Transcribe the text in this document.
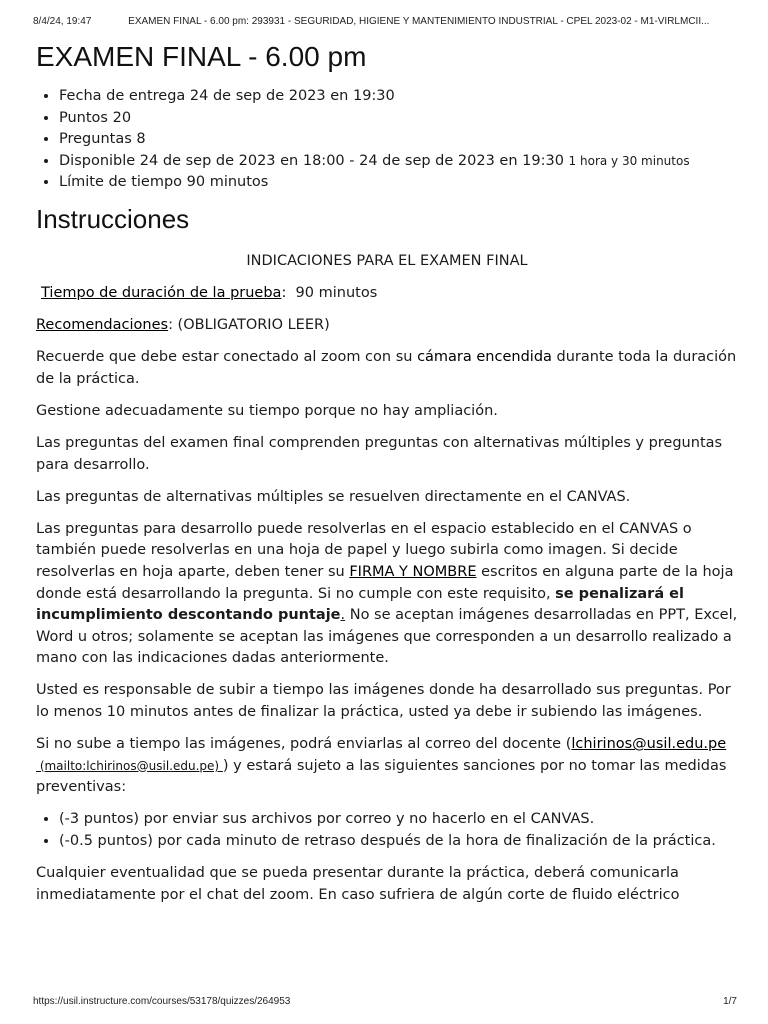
8/4/24, 19:47	EXAMEN FINAL - 6.00 pm: 293931 - SEGURIDAD, HIGIENE Y MANTENIMIENTO INDUSTRIAL - CPEL 2023-02 - M1-VIRLMCII...
EXAMEN FINAL - 6.00 pm
• Fecha de entrega 24 de sep de 2023 en 19:30
• Puntos 20
• Preguntas 8
• Disponible 24 de sep de 2023 en 18:00 - 24 de sep de 2023 en 19:30 1 hora y 30 minutos
• Límite de tiempo 90 minutos
Instrucciones

INDICACIONES PARA EL EXAMEN FINAL

Tiempo de duración de la prueba:  90 minutos

Recomendaciones: (OBLIGATORIO LEER)

Recuerde que debe estar conectado al zoom con su cámara encendida durante toda la duración de la práctica.

Gestione adecuadamente su tiempo porque no hay ampliación.

Las preguntas del examen final comprenden preguntas con alternativas múltiples y preguntas para desarrollo.

Las preguntas de alternativas múltiples se resuelven directamente en el CANVAS.

Las preguntas para desarrollo puede resolverlas en el espacio establecido en el CANVAS o también puede resolverlas en una hoja de papel y luego subirla como imagen. Si decide resolverlas en hoja aparte, deben tener su FIRMA Y NOMBRE escritos en alguna parte de la hoja donde está desarrollando la pregunta. Si no cumple con este requisito, se penalizará el incumplimiento descontando puntaje. No se aceptan imágenes desarrolladas en PPT, Excel, Word u otros; solamente se aceptan las imágenes que corresponden a un desarrollo realizado a mano con las indicaciones dadas anteriormente.

Usted es responsable de subir a tiempo las imágenes donde ha desarrollado sus preguntas. Por lo menos 10 minutos antes de finalizar la práctica, usted ya debe ir subiendo las imágenes.

Si no sube a tiempo las imágenes, podrá enviarlas al correo del docente (lchirinos@usil.edu.pe (mailto:lchirinos@usil.edu.pe) ) y estará sujeto a las siguientes sanciones por no tomar las medidas preventivas:

• (-3 puntos) por enviar sus archivos por correo y no hacerlo en el CANVAS.
• (-0.5 puntos) por cada minuto de retraso después de la hora de finalización de la práctica.

Cualquier eventualidad que se pueda presentar durante la práctica, deberá comunicarla inmediatamente por el chat del zoom. En caso sufriera de algún corte de fluido eléctrico

https://usil.instructure.com/courses/53178/quizzes/264953	1/7
